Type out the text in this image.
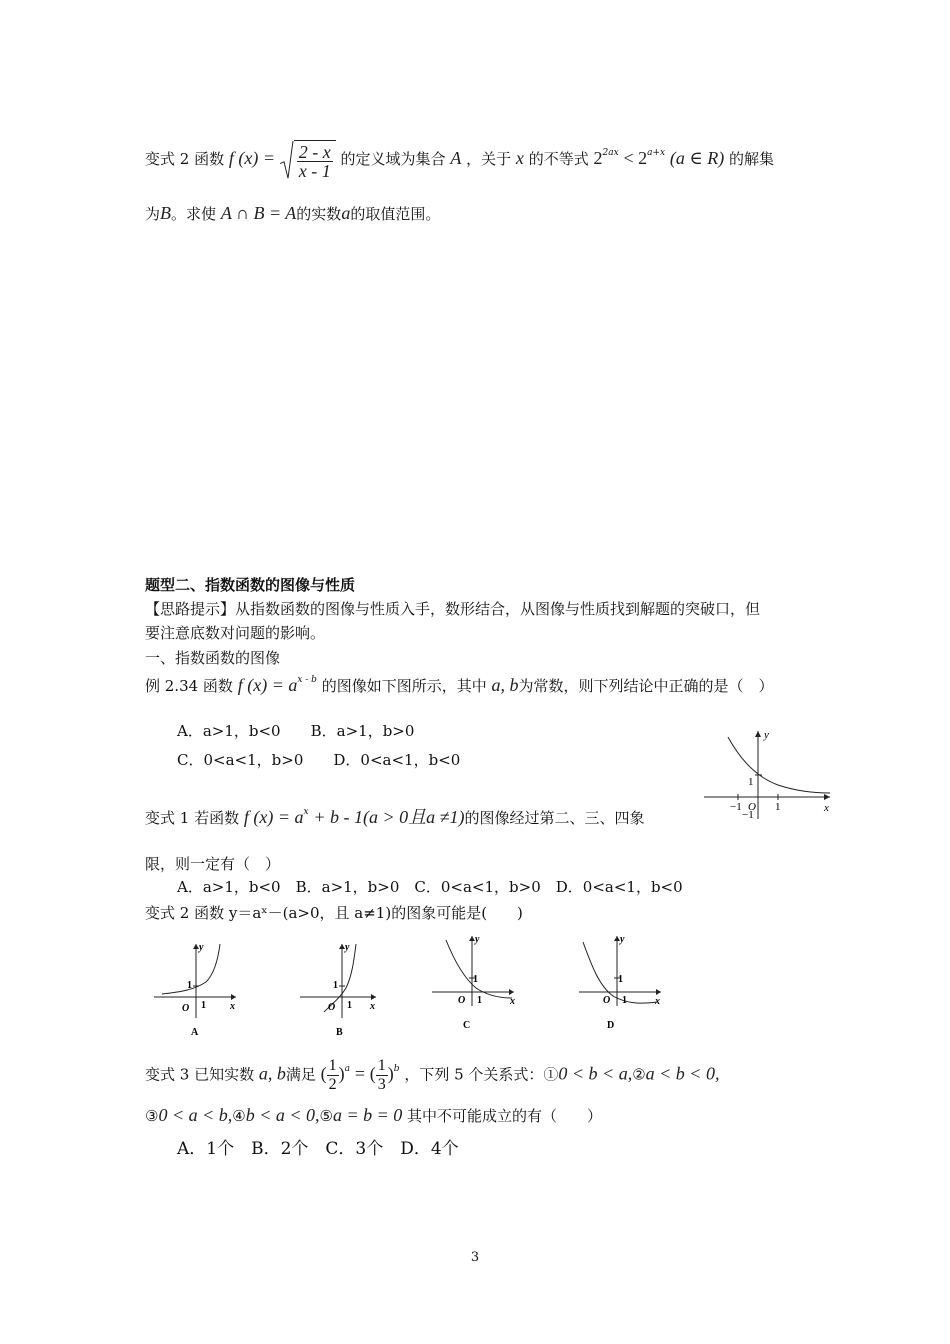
变式 2 函数 f $(x) = \frac{2 - x}{x - 1}$ 的定义域为集合 A ，关于 x 的不等式 $2^{2ax} < 2^{a+x}$ (a ∈ R) 的解集
为B。求使 A ∩ B = A的实数a的取值范围。
题型二、指数函数的图像与性质
【思路提示】从指数函数的图像与性质入手，数形结合，从图像与性质找到解题的突破口，但
要注意底数对问题的影响。
一、指数函数的图像
例 2.34 函数 f $(x) = a^{x - b}$ 的图像如下图所示，其中 a, b为常数，则下列结论中正确的是（　）
A．a>1，b<0　　 B．a>1，b>0
C．0<a<1，b>0　　 D．0<a<1，b<0
y
x
1
−1 O 1
−1
变式 1 若函数 f $(x) = a^x + b - 1(a > 0$且a ≠1)的图像经过第二、三、四象
限，则一定有（　）
A．a>1，b<0　B．a>1，b>0　C．0<a<1，b>0　D．0<a<1，b<0
变式 2 函数 y＝aˣ－(a>0，且 a≠1)的图象可能是(　　)
y
x
1
O 1
A
y
x
1
O 1
B
y
x
1
O 1
C
y
x
1
O 1
D
变式 3 已知实数 a, b满足 ( $\frac{1}{2} )^a$ = ( $\frac{1}{3} )^b$ ，下列 5 个关系式：①0 < b < a,②a < b < 0,
③0 < a < b,④b < a < 0,⑤a = b = 0 其中不可能成立的有（　　）
A．1个　B．2个　C．3个　D．4个
3
